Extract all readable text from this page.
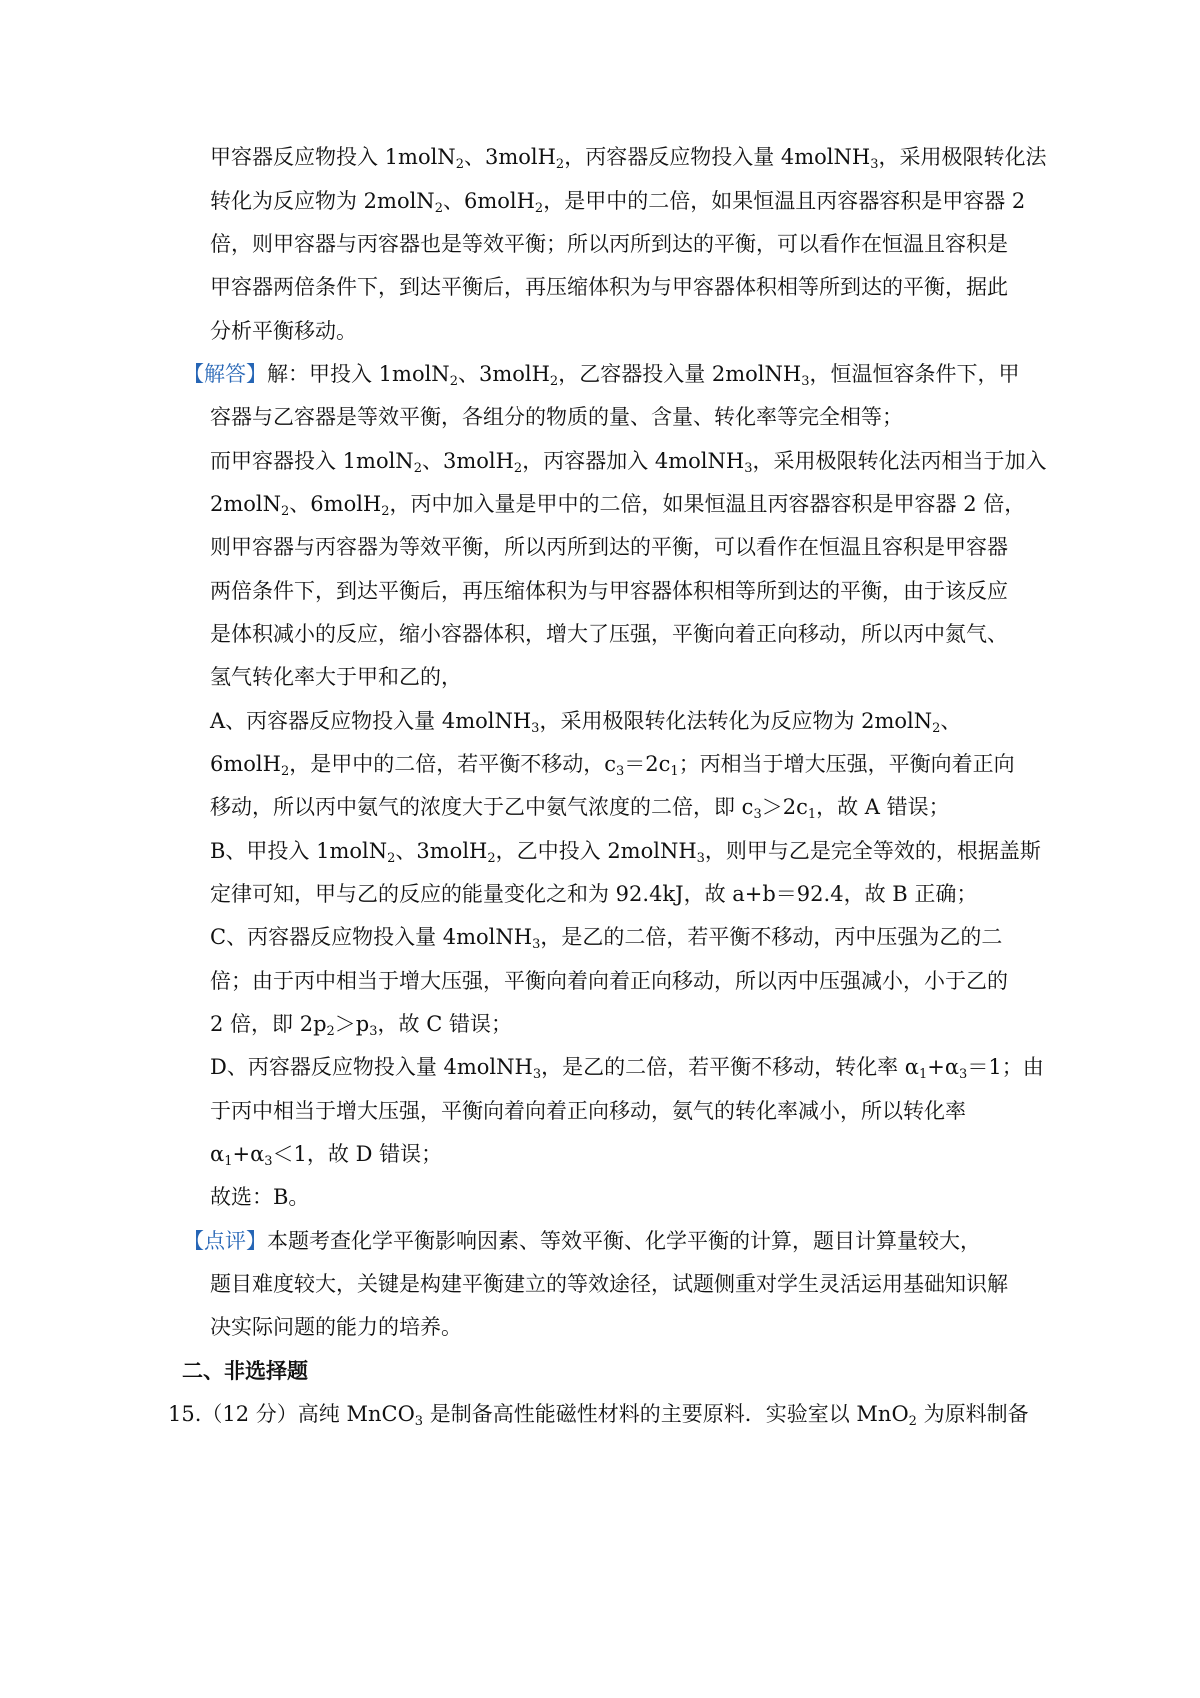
甲容器反应物投入 1molN$_2$、3molH$_2$，丙容器反应物投入量 4molNH$_3$，采用极限转化法
转化为反应物为 2molN$_2$、6molH$_2$，是甲中的二倍，如果恒温且丙容器容积是甲容器 2
倍，则甲容器与丙容器也是等效平衡；所以丙所到达的平衡，可以看作在恒温且容积是
甲容器两倍条件下，到达平衡后，再压缩体积为与甲容器体积相等所到达的平衡，据此
分析平衡移动。
【解答】解：甲投入 1molN$_2$、3molH$_2$，乙容器投入量 2molNH$_3$，恒温恒容条件下，甲
容器与乙容器是等效平衡，各组分的物质的量、含量、转化率等完全相等；
而甲容器投入 1molN$_2$、3molH$_2$，丙容器加入 4molNH$_3$，采用极限转化法丙相当于加入
2molN$_2$、6molH$_2$，丙中加入量是甲中的二倍，如果恒温且丙容器容积是甲容器 2 倍，
则甲容器与丙容器为等效平衡，所以丙所到达的平衡，可以看作在恒温且容积是甲容器
两倍条件下，到达平衡后，再压缩体积为与甲容器体积相等所到达的平衡，由于该反应
是体积减小的反应，缩小容器体积，增大了压强，平衡向着正向移动，所以丙中氮气、
氢气转化率大于甲和乙的，
A、丙容器反应物投入量 4molNH$_3$，采用极限转化法转化为反应物为 2molN$_2$、
6molH$_2$，是甲中的二倍，若平衡不移动，$c_3=2c_1$；丙相当于增大压强，平衡向着正向
移动，所以丙中氨气的浓度大于乙中氨气浓度的二倍，即 $c_3>2c_1$，故 A 错误；
B、甲投入 1molN$_2$、3molH$_2$，乙中投入 2molNH$_3$，则甲与乙是完全等效的，根据盖斯
定律可知，甲与乙的反应的能量变化之和为 92.4kJ，故 a+b＝92.4，故 B 正确；
C、丙容器反应物投入量 4molNH$_3$，是乙的二倍，若平衡不移动，丙中压强为乙的二
倍；由于丙中相当于增大压强，平衡向着向着正向移动，所以丙中压强减小，小于乙的
2 倍，即 $2p_2>p_3$，故 C 错误；
D、丙容器反应物投入量 4molNH$_3$，是乙的二倍，若平衡不移动，转化率 $\alpha_1+\alpha_3=1$；由
于丙中相当于增大压强，平衡向着向着正向移动，氨气的转化率减小，所以转化率
$\alpha_1+\alpha_3<1$，故 D 错误；
故选：B。
【点评】本题考查化学平衡影响因素、等效平衡、化学平衡的计算，题目计算量较大，
题目难度较大，关键是构建平衡建立的等效途径，试题侧重对学生灵活运用基础知识解
决实际问题的能力的培养。
二、非选择题
15.（12 分）高纯 MnCO$_3$ 是制备高性能磁性材料的主要原料．实验室以 MnO$_2$ 为原料制备
